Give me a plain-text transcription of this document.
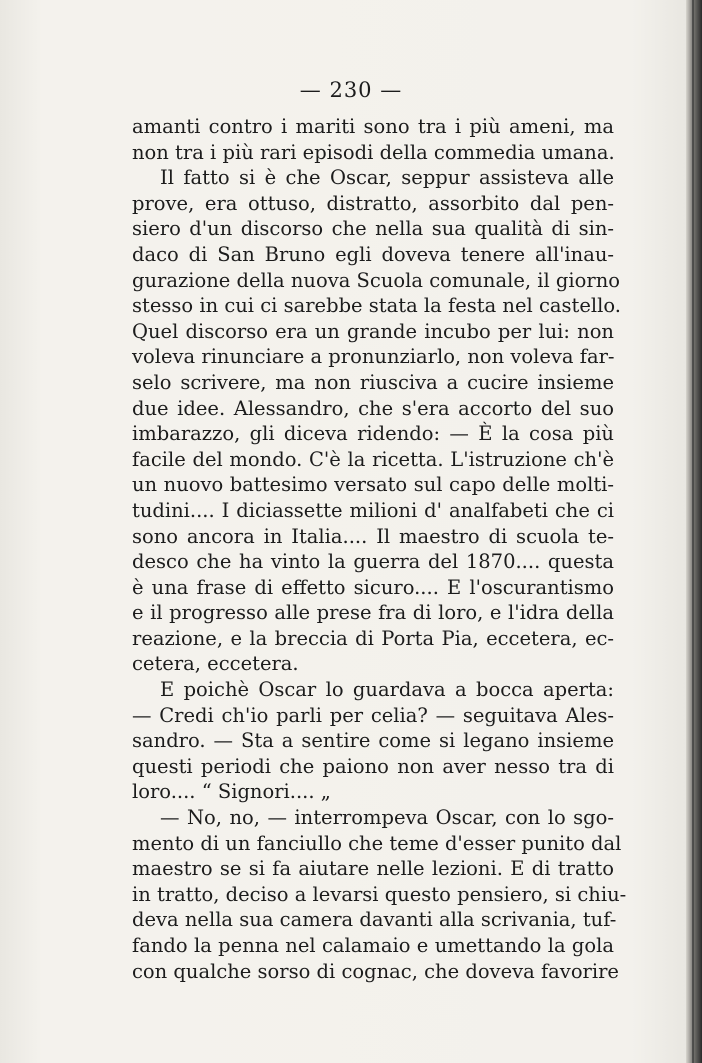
— 230 —
amanti contro i mariti sono tra i più ameni, ma
non tra i più rari episodi della commedia umana.
Il fatto si è che Oscar, seppur assisteva alle
prove, era ottuso, distratto, assorbito dal pen-
siero d'un discorso che nella sua qualità di sin-
daco di San Bruno egli doveva tenere all'inau-
gurazione della nuova Scuola comunale, il giorno
stesso in cui ci sarebbe stata la festa nel castello.
Quel discorso era un grande incubo per lui: non
voleva rinunciare a pronunziarlo, non voleva far-
selo scrivere, ma non riusciva a cucire insieme
due idee. Alessandro, che s'era accorto del suo
imbarazzo, gli diceva ridendo: — È la cosa più
facile del mondo. C'è la ricetta. L'istruzione ch'è
un nuovo battesimo versato sul capo delle molti-
tudini.... I diciassette milioni d' analfabeti che ci
sono ancora in Italia.... Il maestro di scuola te-
desco che ha vinto la guerra del 1870.... questa
è una frase di effetto sicuro.... E l'oscurantismo
e il progresso alle prese fra di loro, e l'idra della
reazione, e la breccia di Porta Pia, eccetera, ec-
cetera, eccetera.
E poichè Oscar lo guardava a bocca aperta:
— Credi ch'io parli per celia? — seguitava Ales-
sandro. — Sta a sentire come si legano insieme
questi periodi che paiono non aver nesso tra di
loro.... “ Signori.... „
— No, no, — interrompeva Oscar, con lo sgo-
mento di un fanciullo che teme d'esser punito dal
maestro se si fa aiutare nelle lezioni. E di tratto
in tratto, deciso a levarsi questo pensiero, si chiu-
deva nella sua camera davanti alla scrivania, tuf-
fando la penna nel calamaio e umettando la gola
con qualche sorso di cognac, che doveva favorire
